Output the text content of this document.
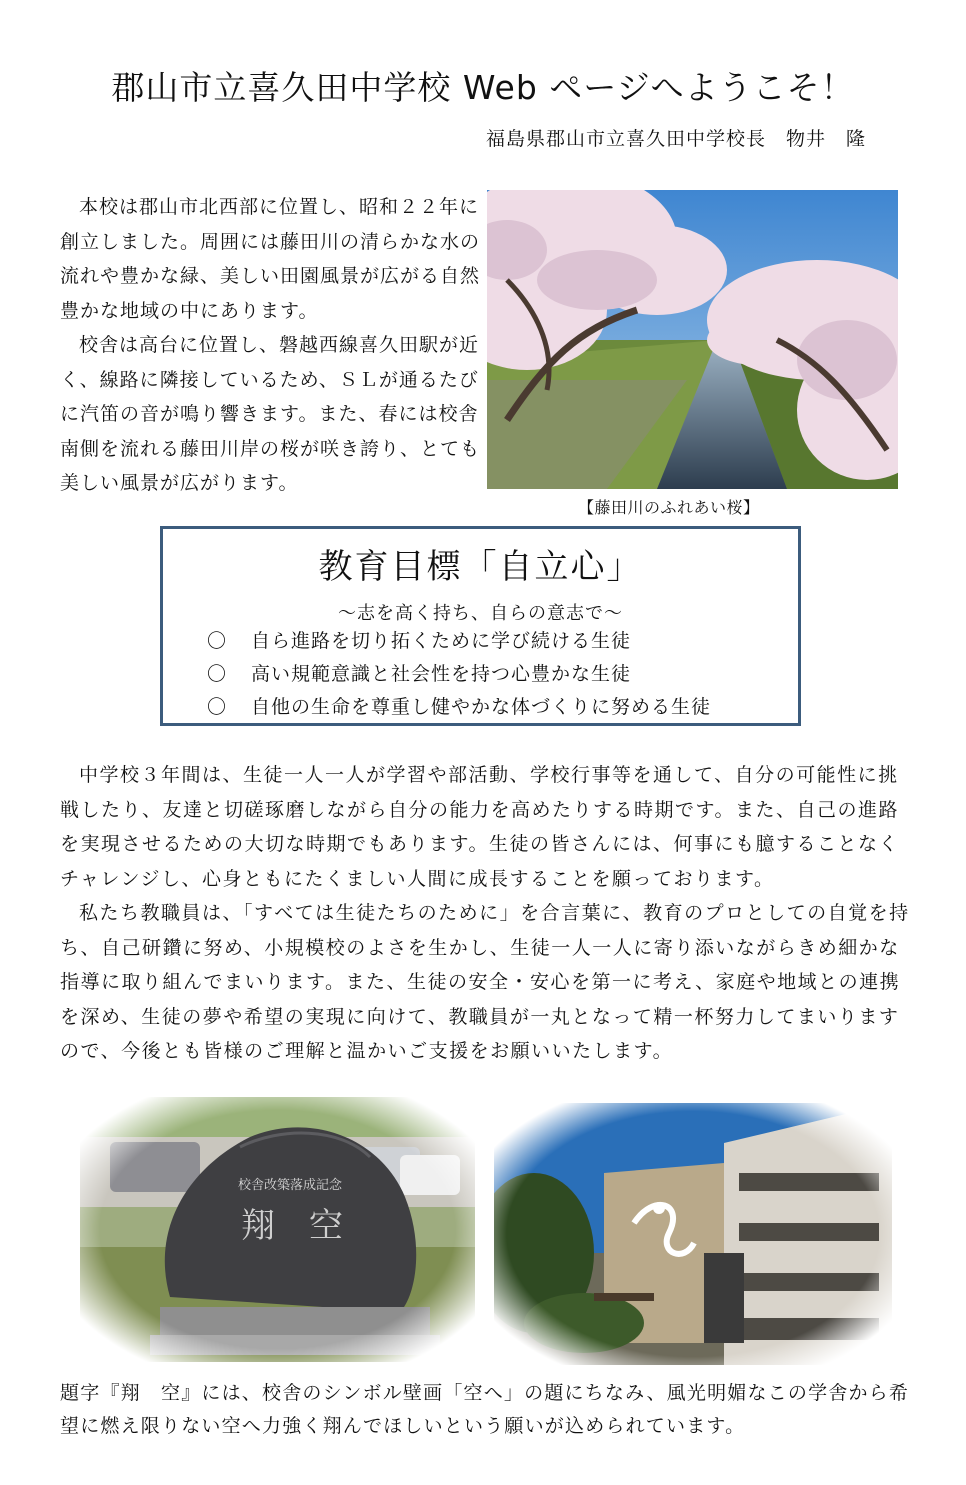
郡山市立喜久田中学校 Web ページへようこそ！
福島県郡山市立喜久田中学校長　物井　隆

本校は郡山市北西部に位置し、昭和２２年に創立しました。周囲には藤田川の清らかな水の流れや豊かな緑、美しい田園風景が広がる自然豊かな地域の中にあります。

校舎は高台に位置し、磐越西線喜久田駅が近く、線路に隣接しているため、ＳＬが通るたびに汽笛の音が鳴り響きます。また、春には校舎南側を流れる藤田川岸の桜が咲き誇り、とても美しい風景が広がります。

【藤田川のふれあい桜】
教育目標「自立心」
～志を高く持ち、自らの意志で～
〇 自ら進路を切り拓くために学び続ける生徒
〇 高い規範意識と社会性を持つ心豊かな生徒
〇 自他の生命を尊重し健やかな体づくりに努める生徒

中学校３年間は、生徒一人一人が学習や部活動、学校行事等を通して、自分の可能性に挑戦したり、友達と切磋琢磨しながら自分の能力を高めたりする時期です。また、自己の進路を実現させるための大切な時期でもあります。生徒の皆さんには、何事にも臆することなくチャレンジし、心身ともにたくましい人間に成長することを願っております。

私たち教職員は、「すべては生徒たちのために」を合言葉に、教育のプロとしての自覚を持ち、自己研鑽に努め、小規模校のよさを生かし、生徒一人一人に寄り添いながらきめ細かな指導に取り組んでまいります。また、生徒の安全・安心を第一に考え、家庭や地域との連携を深め、生徒の夢や希望の実現に向けて、教職員が一丸となって精一杯努力してまいりますので、今後とも皆様のご理解と温かいご支援をお願いいたします。

題字『翔　空』には、校舎のシンボル壁画「空へ」の題にちなみ、風光明媚なこの学舎から希望に燃え限りない空へ力強く翔んでほしいという願いが込められています。
